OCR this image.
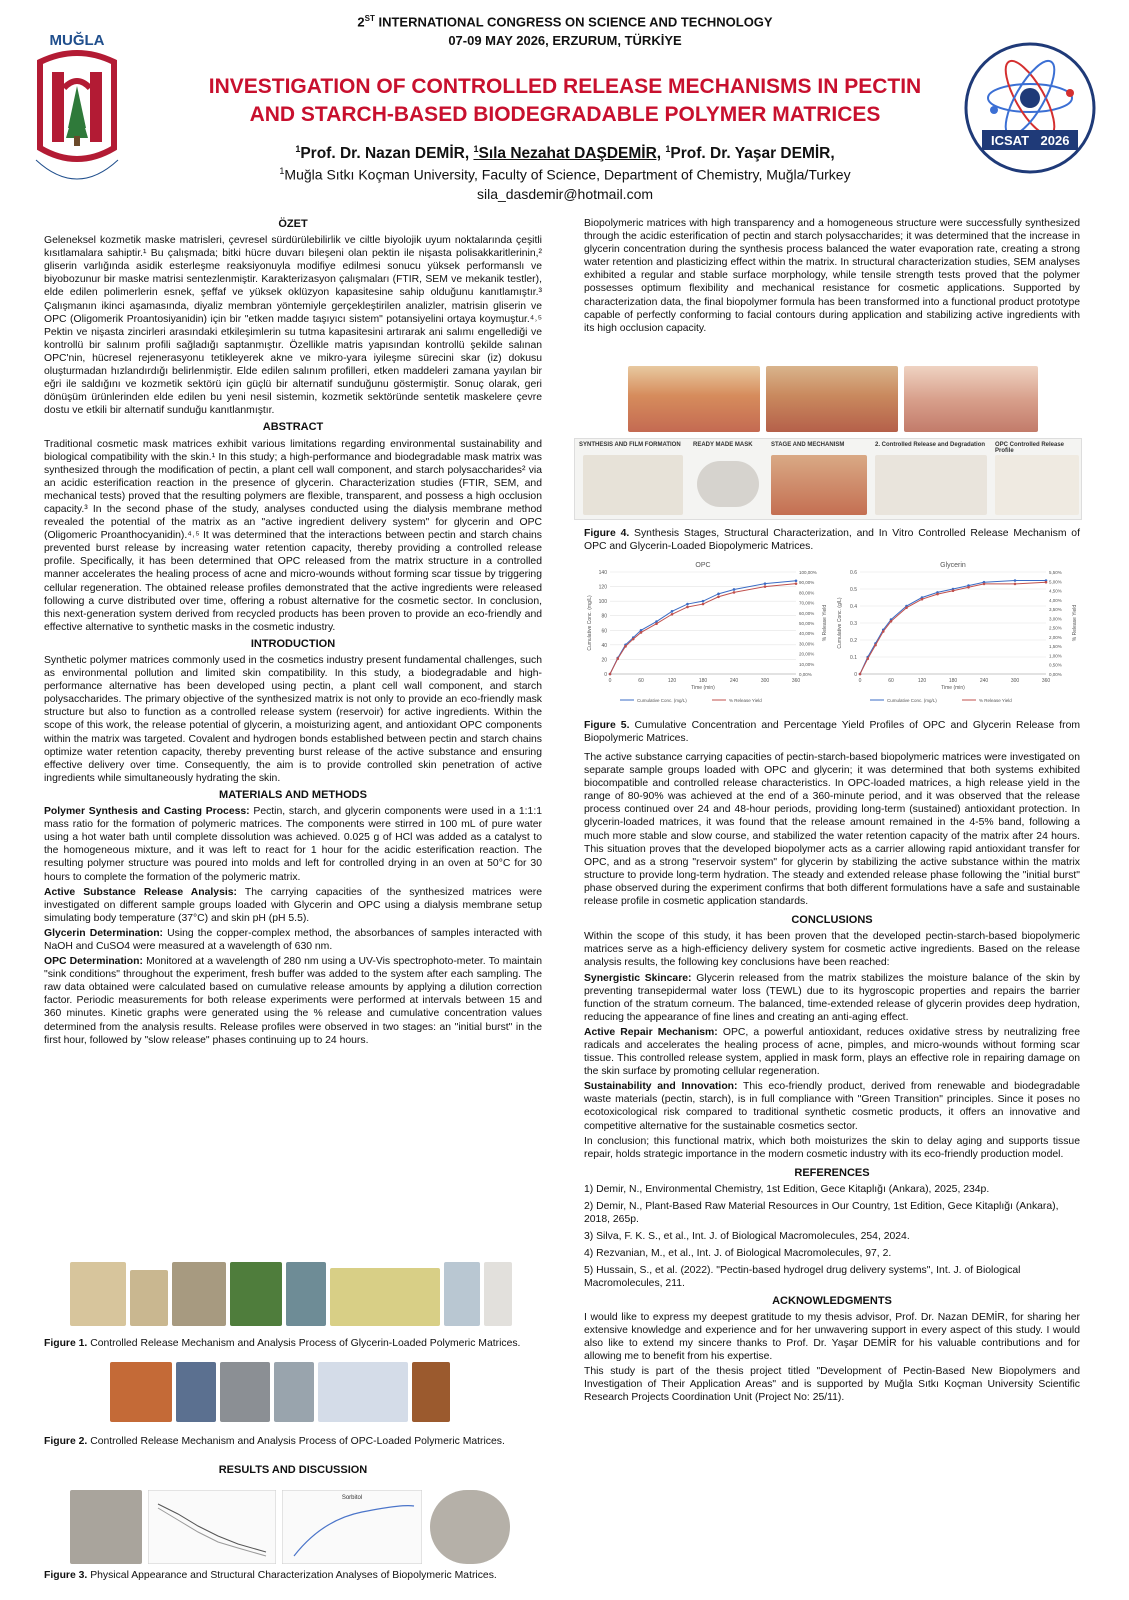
MUĞLA
2ST INTERNATIONAL CONGRESS ON SCIENCE AND TECHNOLOGY
07-09 MAY 2026, ERZURUM, TÜRKİYE
INVESTIGATION OF CONTROLLED RELEASE MECHANISMS IN PECTIN
AND STARCH-BASED BIODEGRADABLE POLYMER MATRICES
$^1$Prof. Dr. Nazan DEMİR, $^1$Sıla Nezahat DAŞDEMİR, $^1$Prof. Dr. Yaşar DEMİR,
$^1$Muğla Sıtkı Koçman University, Faculty of Science, Department of Chemistry, Muğla/Turkey
sila_dasdemir@hotmail.com
ICSAT 2026
ÖZET

Geleneksel kozmetik maske matrisleri, çevresel sürdürülebilirlik ve ciltle biyolojik uyum noktalarında çeşitli kısıtlamalara sahiptir.¹ Bu çalışmada; bitki hücre duvarı bileşeni olan pektin ile nişasta polisakkaritlerinin,² gliserin varlığında asidik esterleşme reaksiyonuyla modifiye edilmesi sonucu yüksek performanslı ve biyobozunur bir maske matrisi sentezlenmiştir. Karakterizasyon çalışmaları (FTIR, SEM ve mekanik testler), elde edilen polimerlerin esnek, şeffaf ve yüksek oklüzyon kapasitesine sahip olduğunu kanıtlamıştır.³ Çalışmanın ikinci aşamasında, diyaliz membran yöntemiyle gerçekleştirilen analizler, matrisin gliserin ve OPC (Oligomerik Proantosiyanidin) için bir "etken madde taşıyıcı sistem" potansiyelini ortaya koymuştur.⁴˒⁵ Pektin ve nişasta zincirleri arasındaki etkileşimlerin su tutma kapasitesini artırarak ani salımı engellediği ve kontrollü bir salınım profili sağladığı saptanmıştır. Özellikle matris yapısından kontrollü şekilde salınan OPC'nin, hücresel rejenerasyonu tetikleyerek akne ve mikro-yara iyileşme sürecini skar (iz) dokusu oluşturmadan hızlandırdığı belirlenmiştir. Elde edilen salınım profilleri, etken maddeleri zamana yayılan bir eğri ile saldığını ve kozmetik sektörü için güçlü bir alternatif sunduğunu göstermiştir. Sonuç olarak, geri dönüşüm ürünlerinden elde edilen bu yeni nesil sistemin, kozmetik sektöründe sentetik maskelere çevre dostu ve etkili bir alternatif sunduğu kanıtlanmıştır.

ABSTRACT

Traditional cosmetic mask matrices exhibit various limitations regarding environmental sustainability and biological compatibility with the skin.¹ In this study; a high-performance and biodegradable mask matrix was synthesized through the modification of pectin, a plant cell wall component, and starch polysaccharides² via an acidic esterification reaction in the presence of glycerin. Characterization studies (FTIR, SEM, and mechanical tests) proved that the resulting polymers are flexible, transparent, and possess a high occlusion capacity.³ In the second phase of the study, analyses conducted using the dialysis membrane method revealed the potential of the matrix as an "active ingredient delivery system" for glycerin and OPC (Oligomeric Proanthocyanidin).⁴˒⁵ It was determined that the interactions between pectin and starch chains prevented burst release by increasing water retention capacity, thereby providing a controlled release profile. Specifically, it has been determined that OPC released from the matrix structure in a controlled manner accelerates the healing process of acne and micro-wounds without forming scar tissue by triggering cellular regeneration. The obtained release profiles demonstrated that the active ingredients were released following a curve distributed over time, offering a robust alternative for the cosmetic sector. In conclusion, this next-generation system derived from recycled products has been proven to provide an eco-friendly and effective alternative to synthetic masks in the cosmetic industry.

INTRODUCTION

Synthetic polymer matrices commonly used in the cosmetics industry present fundamental challenges, such as environmental pollution and limited skin compatibility. In this study, a biodegradable and high-performance alternative has been developed using pectin, a plant cell wall component, and starch polysaccharides. The primary objective of the synthesized matrix is not only to provide an eco-friendly mask structure but also to function as a controlled release system (reservoir) for active ingredients. Within the scope of this work, the release potential of glycerin, a moisturizing agent, and antioxidant OPC components within the matrix was targeted. Covalent and hydrogen bonds established between pectin and starch chains optimize water retention capacity, thereby preventing burst release of the active substance and ensuring effective delivery over time. Consequently, the aim is to provide controlled skin penetration of active ingredients while simultaneously hydrating the skin.

MATERIALS AND METHODS

Polymer Synthesis and Casting Process: Pectin, starch, and glycerin components were used in a 1:1:1 mass ratio for the formation of polymeric matrices. The components were stirred in 100 mL of pure water using a hot water bath until complete dissolution was achieved. 0.025 g of HCl was added as a catalyst to the homogeneous mixture, and it was left to react for 1 hour for the acidic esterification reaction. The resulting polymer structure was poured into molds and left for controlled drying in an oven at 50°C for 30 hours to complete the formation of the polymeric matrix.

Active Substance Release Analysis: The carrying capacities of the synthesized matrices were investigated on different sample groups loaded with Glycerin and OPC using a dialysis membrane setup simulating body temperature (37°C) and skin pH (pH 5.5).

Glycerin Determination: Using the copper-complex method, the absorbances of samples interacted with NaOH and CuSO4 were measured at a wavelength of 630 nm.

OPC Determination: Monitored at a wavelength of 280 nm using a UV-Vis spectrophoto-meter. To maintain "sink conditions" throughout the experiment, fresh buffer was added to the system after each sampling. The raw data obtained were calculated based on cumulative release amounts by applying a dilution correction factor. Periodic measurements for both release experiments were performed at intervals between 15 and 360 minutes. Kinetic graphs were generated using the % release and cumulative concentration values determined from the analysis results. Release profiles were observed in two stages: an "initial burst" in the first hour, followed by "slow release" phases continuing up to 24 hours.

Figure 1. Controlled Release Mechanism and Analysis Process of Glycerin-Loaded Polymeric Matrices.
Figure 2. Controlled Release Mechanism and Analysis Process of OPC-Loaded Polymeric Matrices.
RESULTS AND DISCUSSION
Sorbitol
Figure 3. Physical Appearance and Structural Characterization Analyses of Biopolymeric Matrices.

Biopolymeric matrices with high transparency and a homogeneous structure were successfully synthesized through the acidic esterification of pectin and starch polysaccharides; it was determined that the increase in glycerin concentration during the synthesis process balanced the water evaporation rate, creating a strong water retention and plasticizing effect within the matrix. In structural characterization studies, SEM analyses exhibited a regular and stable surface morphology, while tensile strength tests proved that the polymer possesses optimum flexibility and mechanical resistance for cosmetic applications. Supported by characterization data, the final biopolymer formula has been transformed into a functional product prototype capable of perfectly conforming to facial contours during application and stabilizing active ingredients with its high occlusion capacity.

SYNTHESIS AND FILM FORMATION READY MADE MASK	STAGE AND MECHANISM	2. Controlled Release and Degradation OPC Controlled Release Profile
Figure 4. Synthesis Stages, Structural Characterization, and In Vitro Controlled Release Mechanism of OPC and Glycerin-Loaded Biopolymeric Matrices.
OPC
0
20
40
60
80
100
120
140
0,00%
10,00%
20,00%
30,00%
40,00%
50,00%
60,00%
70,00%
80,00%
90,00%
100,00%
0	60	120	180	240	300	360
Time (min)
Cumulative Conc. (mg/L)	% Release Yield
Cumulative Conc. (mg/L)	% Release Yield
Glycerin
0
0.1
0.2
0.3
0.4
0.5
0.6
0,00%
0,50%
1,00%
1,50%
2,00%
2,50%
3,00%
3,50%
4,00%
4,50%
5,00%
5,50%
0	60	120	180	240	300	360
Time (min)
Cumulative Conc. (g/L)	% Release Yield
Cumulative Conc. (mg/L)	% Release Yield
Figure 5. Cumulative Concentration and Percentage Yield Profiles of OPC and Glycerin Release from Biopolymeric Matrices.

The active substance carrying capacities of pectin-starch-based biopolymeric matrices were investigated on separate sample groups loaded with OPC and glycerin; it was determined that both systems exhibited biocompatible and controlled release characteristics. In OPC-loaded matrices, a high release yield in the range of 80-90% was achieved at the end of a 360-minute period, and it was observed that the release process continued over 24 and 48-hour periods, providing long-term (sustained) antioxidant protection. In glycerin-loaded matrices, it was found that the release amount remained in the 4-5% band, following a much more stable and slow course, and stabilized the water retention capacity of the matrix after 24 hours. This situation proves that the developed biopolymer acts as a carrier allowing rapid antioxidant transfer for OPC, and as a strong "reservoir system" for glycerin by stabilizing the active substance within the matrix structure to provide long-term hydration. The steady and extended release phase following the "initial burst" phase observed during the experiment confirms that both different formulations have a safe and sustainable release profile in cosmetic application standards.

CONCLUSIONS

Within the scope of this study, it has been proven that the developed pectin-starch-based biopolymeric matrices serve as a high-efficiency delivery system for cosmetic active ingredients. Based on the release analysis results, the following key conclusions have been reached:

Synergistic Skincare: Glycerin released from the matrix stabilizes the moisture balance of the skin by preventing transepidermal water loss (TEWL) due to its hygroscopic properties and repairs the barrier function of the stratum corneum. The balanced, time-extended release of glycerin provides deep hydration, reducing the appearance of fine lines and creating an anti-aging effect.

Active Repair Mechanism: OPC, a powerful antioxidant, reduces oxidative stress by neutralizing free radicals and accelerates the healing process of acne, pimples, and micro-wounds without forming scar tissue. This controlled release system, applied in mask form, plays an effective role in repairing damage on the skin surface by promoting cellular regeneration.

Sustainability and Innovation: This eco-friendly product, derived from renewable and biodegradable waste materials (pectin, starch), is in full compliance with "Green Transition" principles. Since it poses no ecotoxicological risk compared to traditional synthetic cosmetic products, it offers an innovative and competitive alternative for the sustainable cosmetics sector.

In conclusion; this functional matrix, which both moisturizes the skin to delay aging and supports tissue repair, holds strategic importance in the modern cosmetic industry with its eco-friendly production model.

REFERENCES
1) Demir, N., Environmental Chemistry, 1st Edition, Gece Kitaplığı (Ankara), 2025, 234p.
2) Demir, N., Plant-Based Raw Material Resources in Our Country, 1st Edition, Gece Kitaplığı (Ankara), 2018, 265p.
3) Silva, F. K. S., et al., Int. J. of Biological Macromolecules, 254, 2024.
4) Rezvanian, M., et al., Int. J. of Biological Macromolecules, 97, 2.
5) Hussain, S., et al. (2022). "Pectin-based hydrogel drug delivery systems", Int. J. of Biological Macromolecules, 211.
ACKNOWLEDGMENTS

I would like to express my deepest gratitude to my thesis advisor, Prof. Dr. Nazan DEMİR, for sharing her extensive knowledge and experience and for her unwavering support in every aspect of this study. I would also like to extend my sincere thanks to Prof. Dr. Yaşar DEMİR for his valuable contributions and for allowing me to benefit from his expertise.

This study is part of the thesis project titled "Development of Pectin-Based New Biopolymers and Investigation of Their Application Areas" and is supported by Muğla Sıtkı Koçman University Scientific Research Projects Coordination Unit (Project No: 25/11).
